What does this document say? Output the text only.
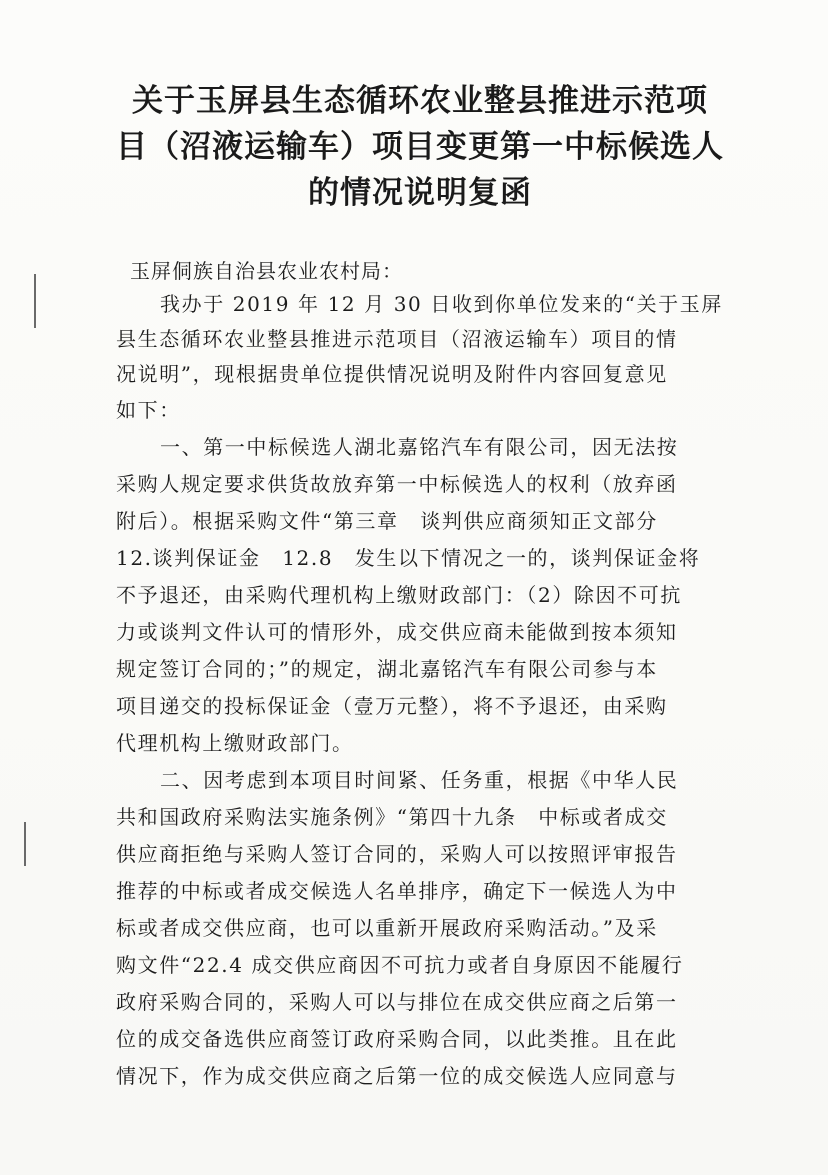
关于玉屏县生态循环农业整县推进示范项
目（沼液运输车）项目变更第一中标候选人
的情况说明复函
玉屏侗族自治县农业农村局：
我办于 2019 年 12 月 30 日收到你单位发来的“关于玉屏
县生态循环农业整县推进示范项目（沼液运输车）项目的情
况说明”，现根据贵单位提供情况说明及附件内容回复意见
如下：
一、第一中标候选人湖北嘉铭汽车有限公司，因无法按
采购人规定要求供货故放弃第一中标候选人的权利（放弃函
附后）。根据采购文件“第三章　谈判供应商须知正文部分
12.谈判保证金　12.8　发生以下情况之一的，谈判保证金将
不予退还，由采购代理机构上缴财政部门：（2）除因不可抗
力或谈判文件认可的情形外，成交供应商未能做到按本须知
规定签订合同的；”的规定，湖北嘉铭汽车有限公司参与本
项目递交的投标保证金（壹万元整），将不予退还，由采购
代理机构上缴财政部门。
二、因考虑到本项目时间紧、任务重，根据《中华人民
共和国政府采购法实施条例》“第四十九条　中标或者成交
供应商拒绝与采购人签订合同的，采购人可以按照评审报告
推荐的中标或者成交候选人名单排序，确定下一候选人为中
标或者成交供应商，也可以重新开展政府采购活动。”及采
购文件“22.4 成交供应商因不可抗力或者自身原因不能履行
政府采购合同的，采购人可以与排位在成交供应商之后第一
位的成交备选供应商签订政府采购合同，以此类推。且在此
情况下，作为成交供应商之后第一位的成交候选人应同意与
